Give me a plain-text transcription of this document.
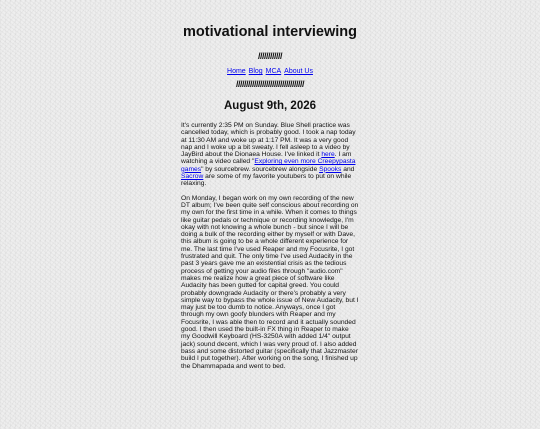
motivational interviewing
////////////
Home Blog MCA About Us
//////////////////////////////////
August 9th, 2026

It's currently 2:35 PM on Sunday. Blue Shell practice was cancelled today, which is probably good. I took a nap today at 11:30 AM and woke up at 1:17 PM. It was a very good nap and I woke up a bit sweaty. I fell asleep to a video by JayBird about the Dionaea House. I've linked it here. I am watching a video called "Exploring even more Creepypasta games" by sourcebrew. sourcebrew alongside Spooks and Sacrow are some of my favorite youtubers to put on while relaxing.

On Monday, I began work on my own recording of the new DT album; I've been quite self conscious about recording on my own for the first time in a while. When it comes to things like guitar pedals or technique or recording knowledge, I'm okay with not knowing a whole bunch - but since I will be doing a bulk of the recording either by myself or with Dave, this album is going to be a whole different experience for me. The last time I've used Reaper and my Focusrite, I got frustrated and quit. The only time I've used Audacity in the past 3 years gave me an existential crisis as the tedious process of getting your audio files through "audio.com" makes me realize how a great piece of software like Audacity has been gutted for capital greed. You could probably downgrade Audacity or there's probably a very simple way to bypass the whole issue of New Audacity, but I may just be too dumb to notice. Anyways, once I got through my own goofy blunders with Reaper and my Focusrite, I was able then to record and it actually sounded good. I then used the built-in FX thing in Reaper to make my Goodwill Keyboard (HS-3250A with added 1/4" output jack) sound decent, which I was very proud of. I also added bass and some distorted guitar (specifically that Jazzmaster build I put together). After working on the song, I finished up the Dhammapada and went to bed.
